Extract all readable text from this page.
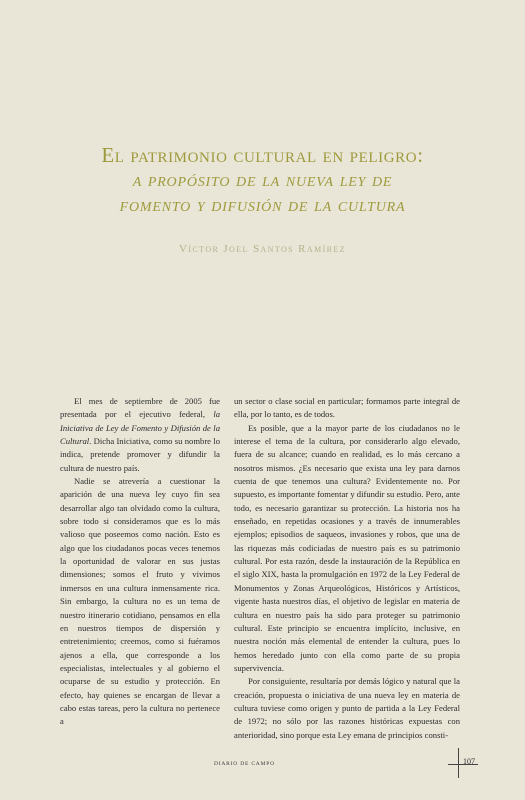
El patrimonio cultural en peligro:
a propósito de la nueva ley de
fomento y difusión de la cultura
Víctor Joel Santos Ramírez

El mes de septiembre de 2005 fue presentada por el ejecutivo federal, la Iniciativa de Ley de Fomento y Difusión de la Cultural. Dicha Iniciativa, como su nombre lo indica, pretende promover y difundir la cultura de nuestro país.

Nadie se atrevería a cuestionar la aparición de una nueva ley cuyo fin sea desarrollar algo tan olvidado como la cultura, sobre todo si consideramos que es lo más valioso que poseemos como nación. Esto es algo que los ciudadanos pocas veces tenemos la oportunidad de valorar en sus justas dimensiones; somos el fruto y vivimos inmersos en una cultura inmensamente rica. Sin embargo, la cultura no es un tema de nuestro itinerario cotidiano, pensamos en ella en nuestros tiempos de dispersión y entretenimiento; creemos, como si fuéramos ajenos a ella, que corresponde a los especialistas, intelectuales y al gobierno el ocuparse de su estudio y protección. En efecto, hay quienes se encargan de llevar a cabo estas tareas, pero la cultura no pertenece a

un sector o clase social en particular; formamos parte integral de ella, por lo tanto, es de todos.

Es posible, que a la mayor parte de los ciudadanos no le interese el tema de la cultura, por considerarlo algo elevado, fuera de su alcance; cuando en realidad, es lo más cercano a nosotros mismos. ¿Es necesario que exista una ley para darnos cuenta de que tenemos una cultura? Evidentemente no. Por supuesto, es importante fomentar y difundir su estudio. Pero, ante todo, es necesario garantizar su protección. La historia nos ha enseñado, en repetidas ocasiones y a través de innumerables ejemplos; episodios de saqueos, invasiones y robos, que una de las riquezas más codiciadas de nuestro país es su patrimonio cultural. Por esta razón, desde la instauración de la República en el siglo XIX, hasta la promulgación en 1972 de la Ley Federal de Monumentos y Zonas Arqueológicos, Históricos y Artísticos, vigente hasta nuestros días, el objetivo de legislar en materia de cultura en nuestro país ha sido para proteger su patrimonio cultural. Este principio se encuentra implícito, inclusive, en nuestra noción más elemental de entender la cultura, pues lo hemos heredado junto con ella como parte de su propia supervivencia.

Por consiguiente, resultaría por demás lógico y natural que la creación, propuesta o iniciativa de una nueva ley en materia de cultura tuviese como origen y punto de partida a la Ley Federal de 1972; no sólo por las razones históricas expuestas con anterioridad, sino porque esta Ley emana de principios consti-

DIARIO DE CAMPO	107
